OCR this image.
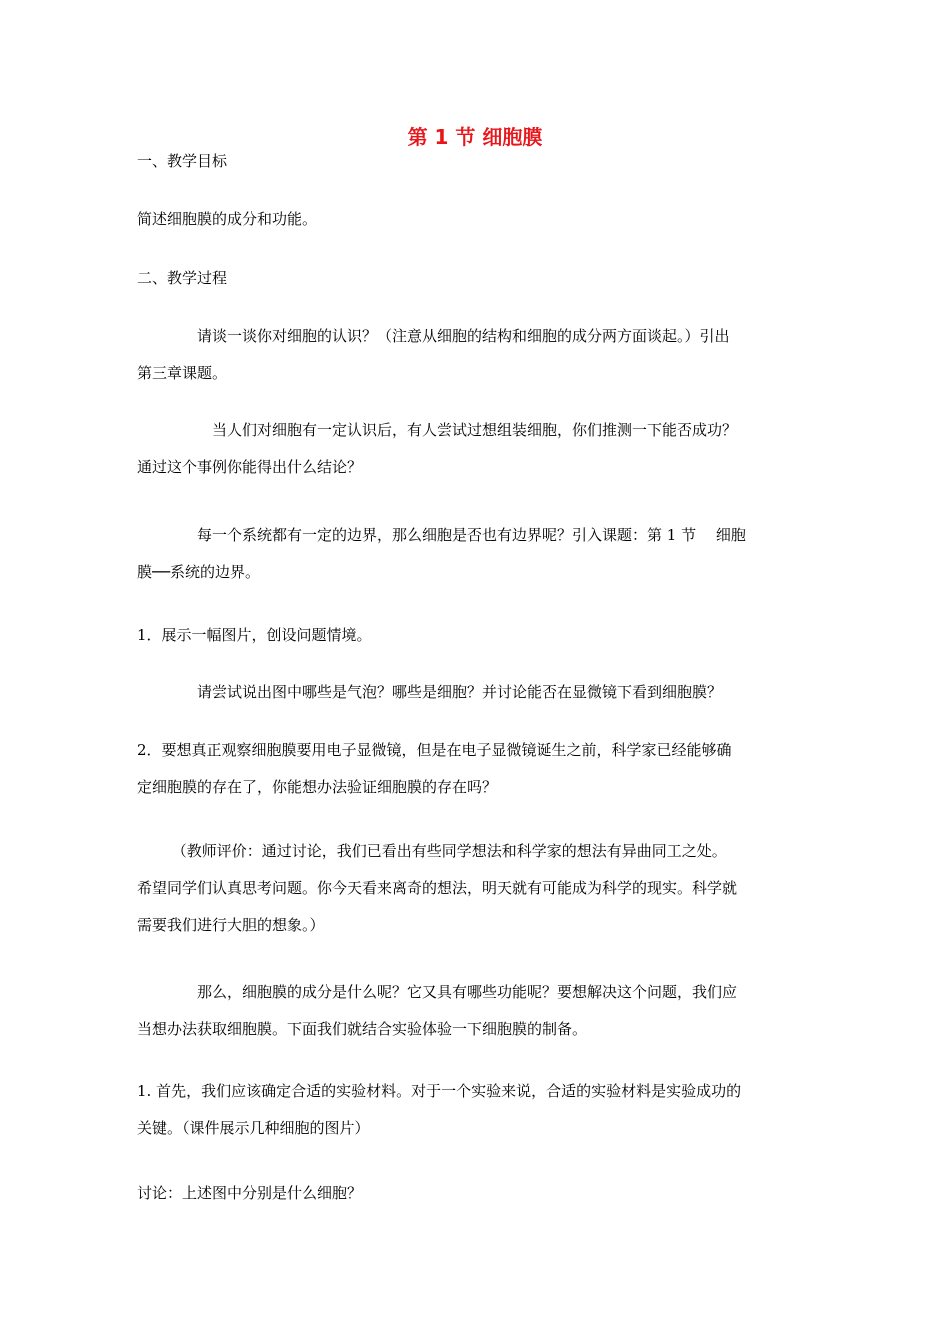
第 1 节 细胞膜

一、教学目标

简述细胞膜的成分和功能。

二、教学过程

　　　　请谈一谈你对细胞的认识？（注意从细胞的结构和细胞的成分两方面谈起。）引出
第三章课题。

　　　　　当人们对细胞有一定认识后，有人尝试过想组装细胞，你们推测一下能否成功？
通过这个事例你能得出什么结论？

　　　　每一个系统都有一定的边界，那么细胞是否也有边界呢？引入课题：第 1 节　 细胞
膜──系统的边界。

1．展示一幅图片，创设问题情境。

　　　　请尝试说出图中哪些是气泡？哪些是细胞？并讨论能否在显微镜下看到细胞膜？

2．要想真正观察细胞膜要用电子显微镜，但是在电子显微镜诞生之前，科学家已经能够确
定细胞膜的存在了，你能想办法验证细胞膜的存在吗？

　　 （教师评价：通过讨论，我们已看出有些同学想法和科学家的想法有异曲同工之处。
希望同学们认真思考问题。你今天看来离奇的想法，明天就有可能成为科学的现实。科学就
需要我们进行大胆的想象。）

　　　　那么，细胞膜的成分是什么呢？它又具有哪些功能呢？要想解决这个问题，我们应
当想办法获取细胞膜。下面我们就结合实验体验一下细胞膜的制备。

1. 首先，我们应该确定合适的实验材料。对于一个实验来说，合适的实验材料是实验成功的
关键。（课件展示几种细胞的图片）

讨论：上述图中分别是什么细胞？
